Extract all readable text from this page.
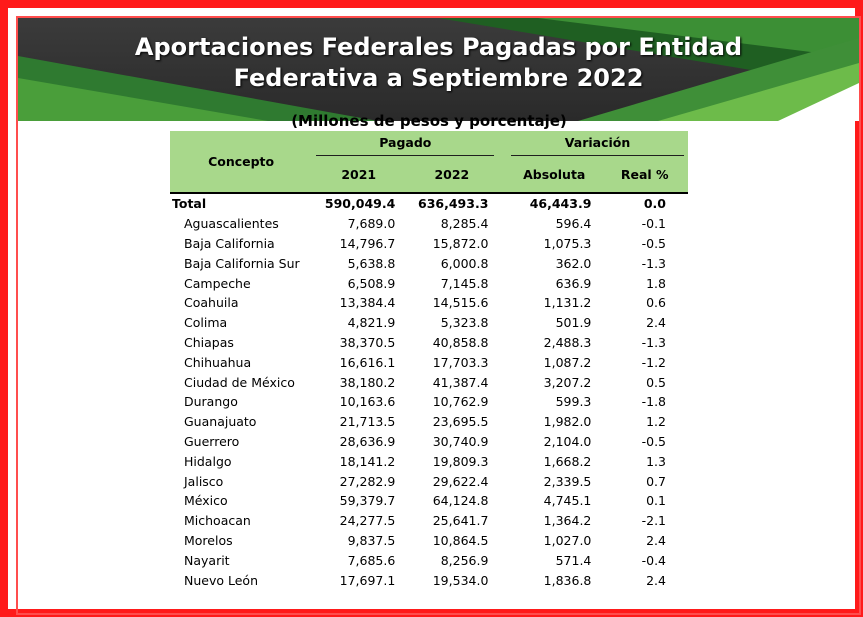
Aportaciones Federales Pagadas por Entidad
Federativa a Septiembre 2022
(Millones de pesos y porcentaje)
Concepto	Pagado			Variación	

	2021	2022		Absoluta	Real %
Total	590,049.4	636,493.3		46,443.9	0.0
Aguascalientes	7,689.0	8,285.4		596.4	-0.1
Baja California	14,796.7	15,872.0		1,075.3	-0.5
Baja California Sur	5,638.8	6,000.8		362.0	-1.3
Campeche	6,508.9	7,145.8		636.9	1.8
Coahuila	13,384.4	14,515.6		1,131.2	0.6
Colima	4,821.9	5,323.8		501.9	2.4
Chiapas	38,370.5	40,858.8		2,488.3	-1.3
Chihuahua	16,616.1	17,703.3		1,087.2	-1.2
Ciudad de México	38,180.2	41,387.4		3,207.2	0.5
Durango	10,163.6	10,762.9		599.3	-1.8
Guanajuato	21,713.5	23,695.5		1,982.0	1.2
Guerrero	28,636.9	30,740.9		2,104.0	-0.5
Hidalgo	18,141.2	19,809.3		1,668.2	1.3
Jalisco	27,282.9	29,622.4		2,339.5	0.7
México	59,379.7	64,124.8		4,745.1	0.1
Michoacan	24,277.5	25,641.7		1,364.2	-2.1
Morelos	9,837.5	10,864.5		1,027.0	2.4
Nayarit	7,685.6	8,256.9		571.4	-0.4
Nuevo León	17,697.1	19,534.0		1,836.8	2.4
